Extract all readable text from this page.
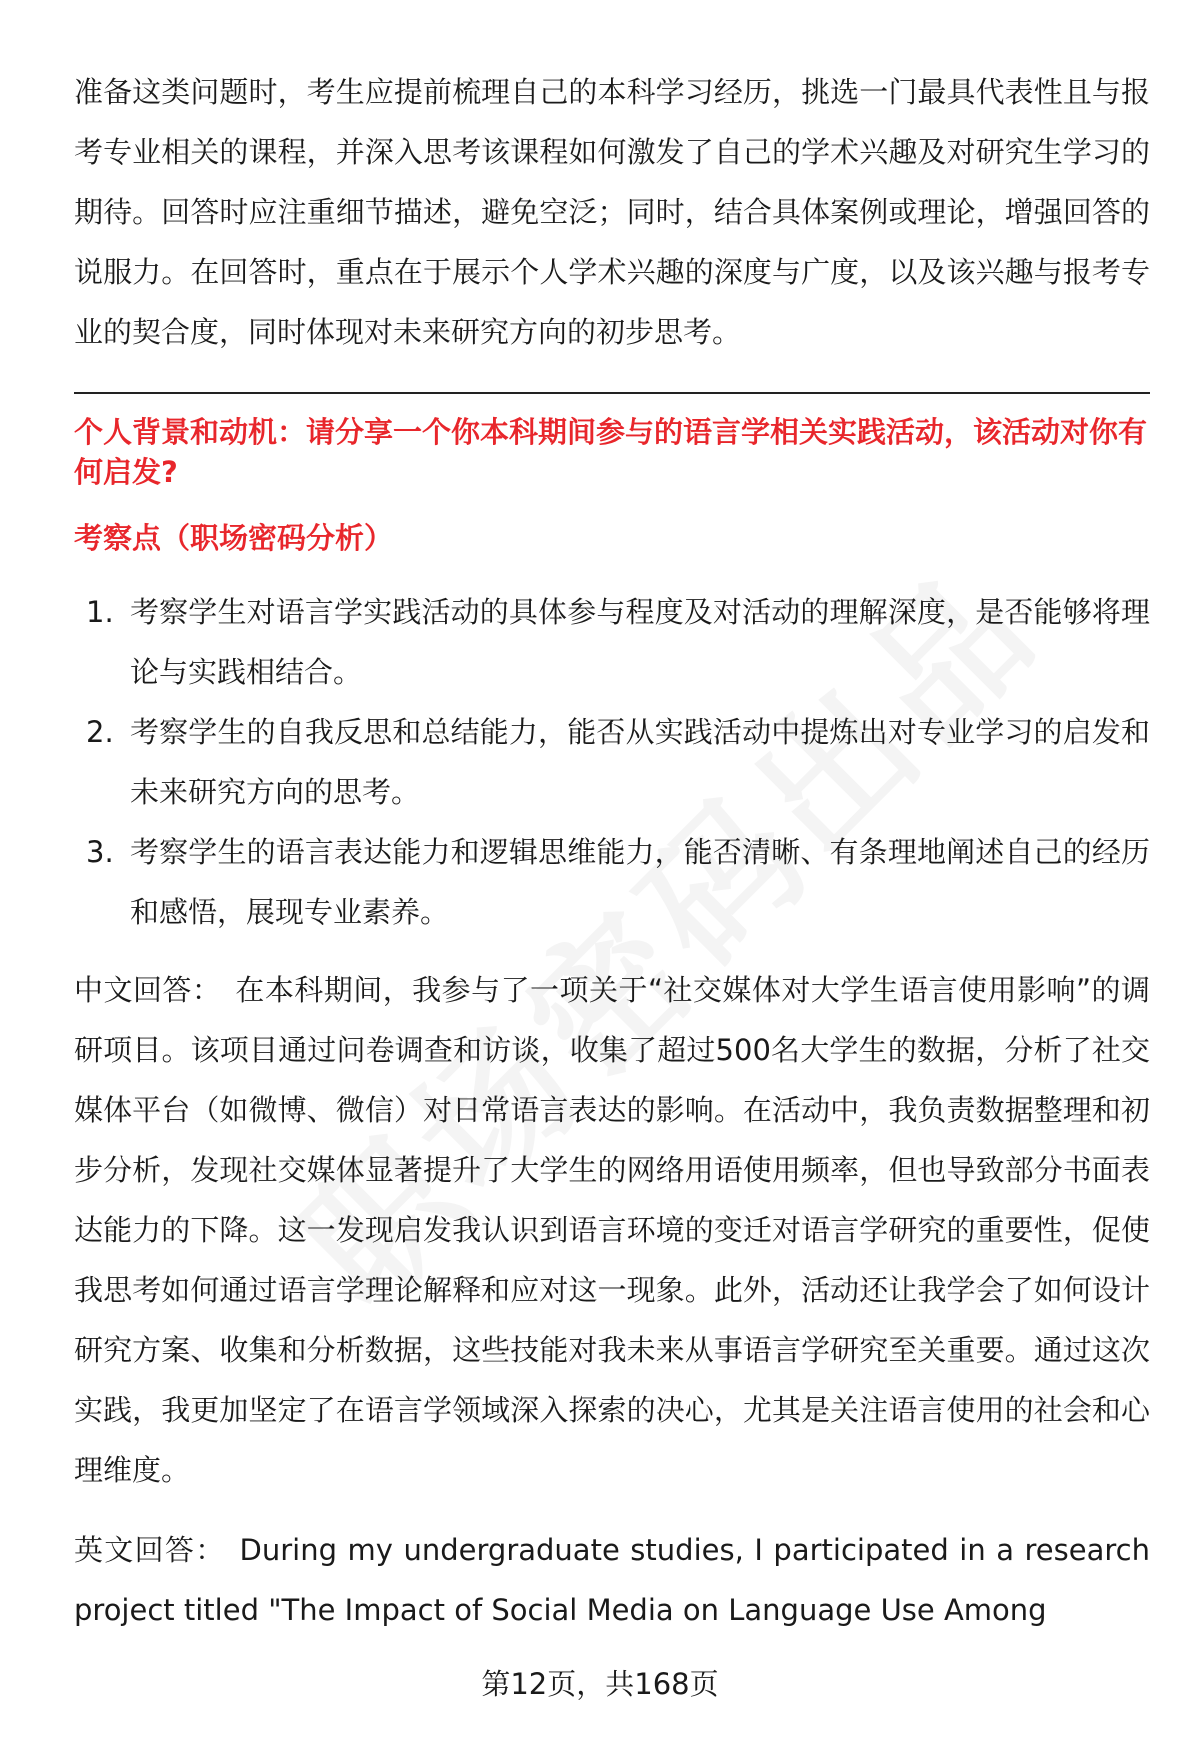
准备这类问题时，考生应提前梳理自己的本科学习经历，挑选一门最具代表性且与报考专业相关的课程，并深入思考该课程如何激发了自己的学术兴趣及对研究生学习的期待。回答时应注重细节描述，避免空泛；同时，结合具体案例或理论，增强回答的说服力。在回答时，重点在于展示个人学术兴趣的深度与广度，以及该兴趣与报考专业的契合度，同时体现对未来研究方向的初步思考。

个人背景和动机：请分享一个你本科期间参与的语言学相关实践活动，该活动对你有何启发?

考察点（职场密码分析）

1. 考察学生对语言学实践活动的具体参与程度及对活动的理解深度，是否能够将理论与实践相结合。
2. 考察学生的自我反思和总结能力，能否从实践活动中提炼出对专业学习的启发和未来研究方向的思考。
3. 考察学生的语言表达能力和逻辑思维能力，能否清晰、有条理地阐述自己的经历和感悟，展现专业素养。

中文回答： 在本科期间，我参与了一项关于“社交媒体对大学生语言使用影响”的调研项目。该项目通过问卷调查和访谈，收集了超过500名大学生的数据，分析了社交媒体平台（如微博、微信）对日常语言表达的影响。在活动中，我负责数据整理和初步分析，发现社交媒体显著提升了大学生的网络用语使用频率，但也导致部分书面表达能力的下降。这一发现启发我认识到语言环境的变迁对语言学研究的重要性，促使我思考如何通过语言学理论解释和应对这一现象。此外，活动还让我学会了如何设计研究方案、收集和分析数据，这些技能对我未来从事语言学研究至关重要。通过这次实践，我更加坚定了在语言学领域深入探索的决心，尤其是关注语言使用的社会和心理维度。

英文回答： During my undergraduate studies, I participated in a research project titled "The Impact of Social Media on Language Use Among

第12页，共168页
